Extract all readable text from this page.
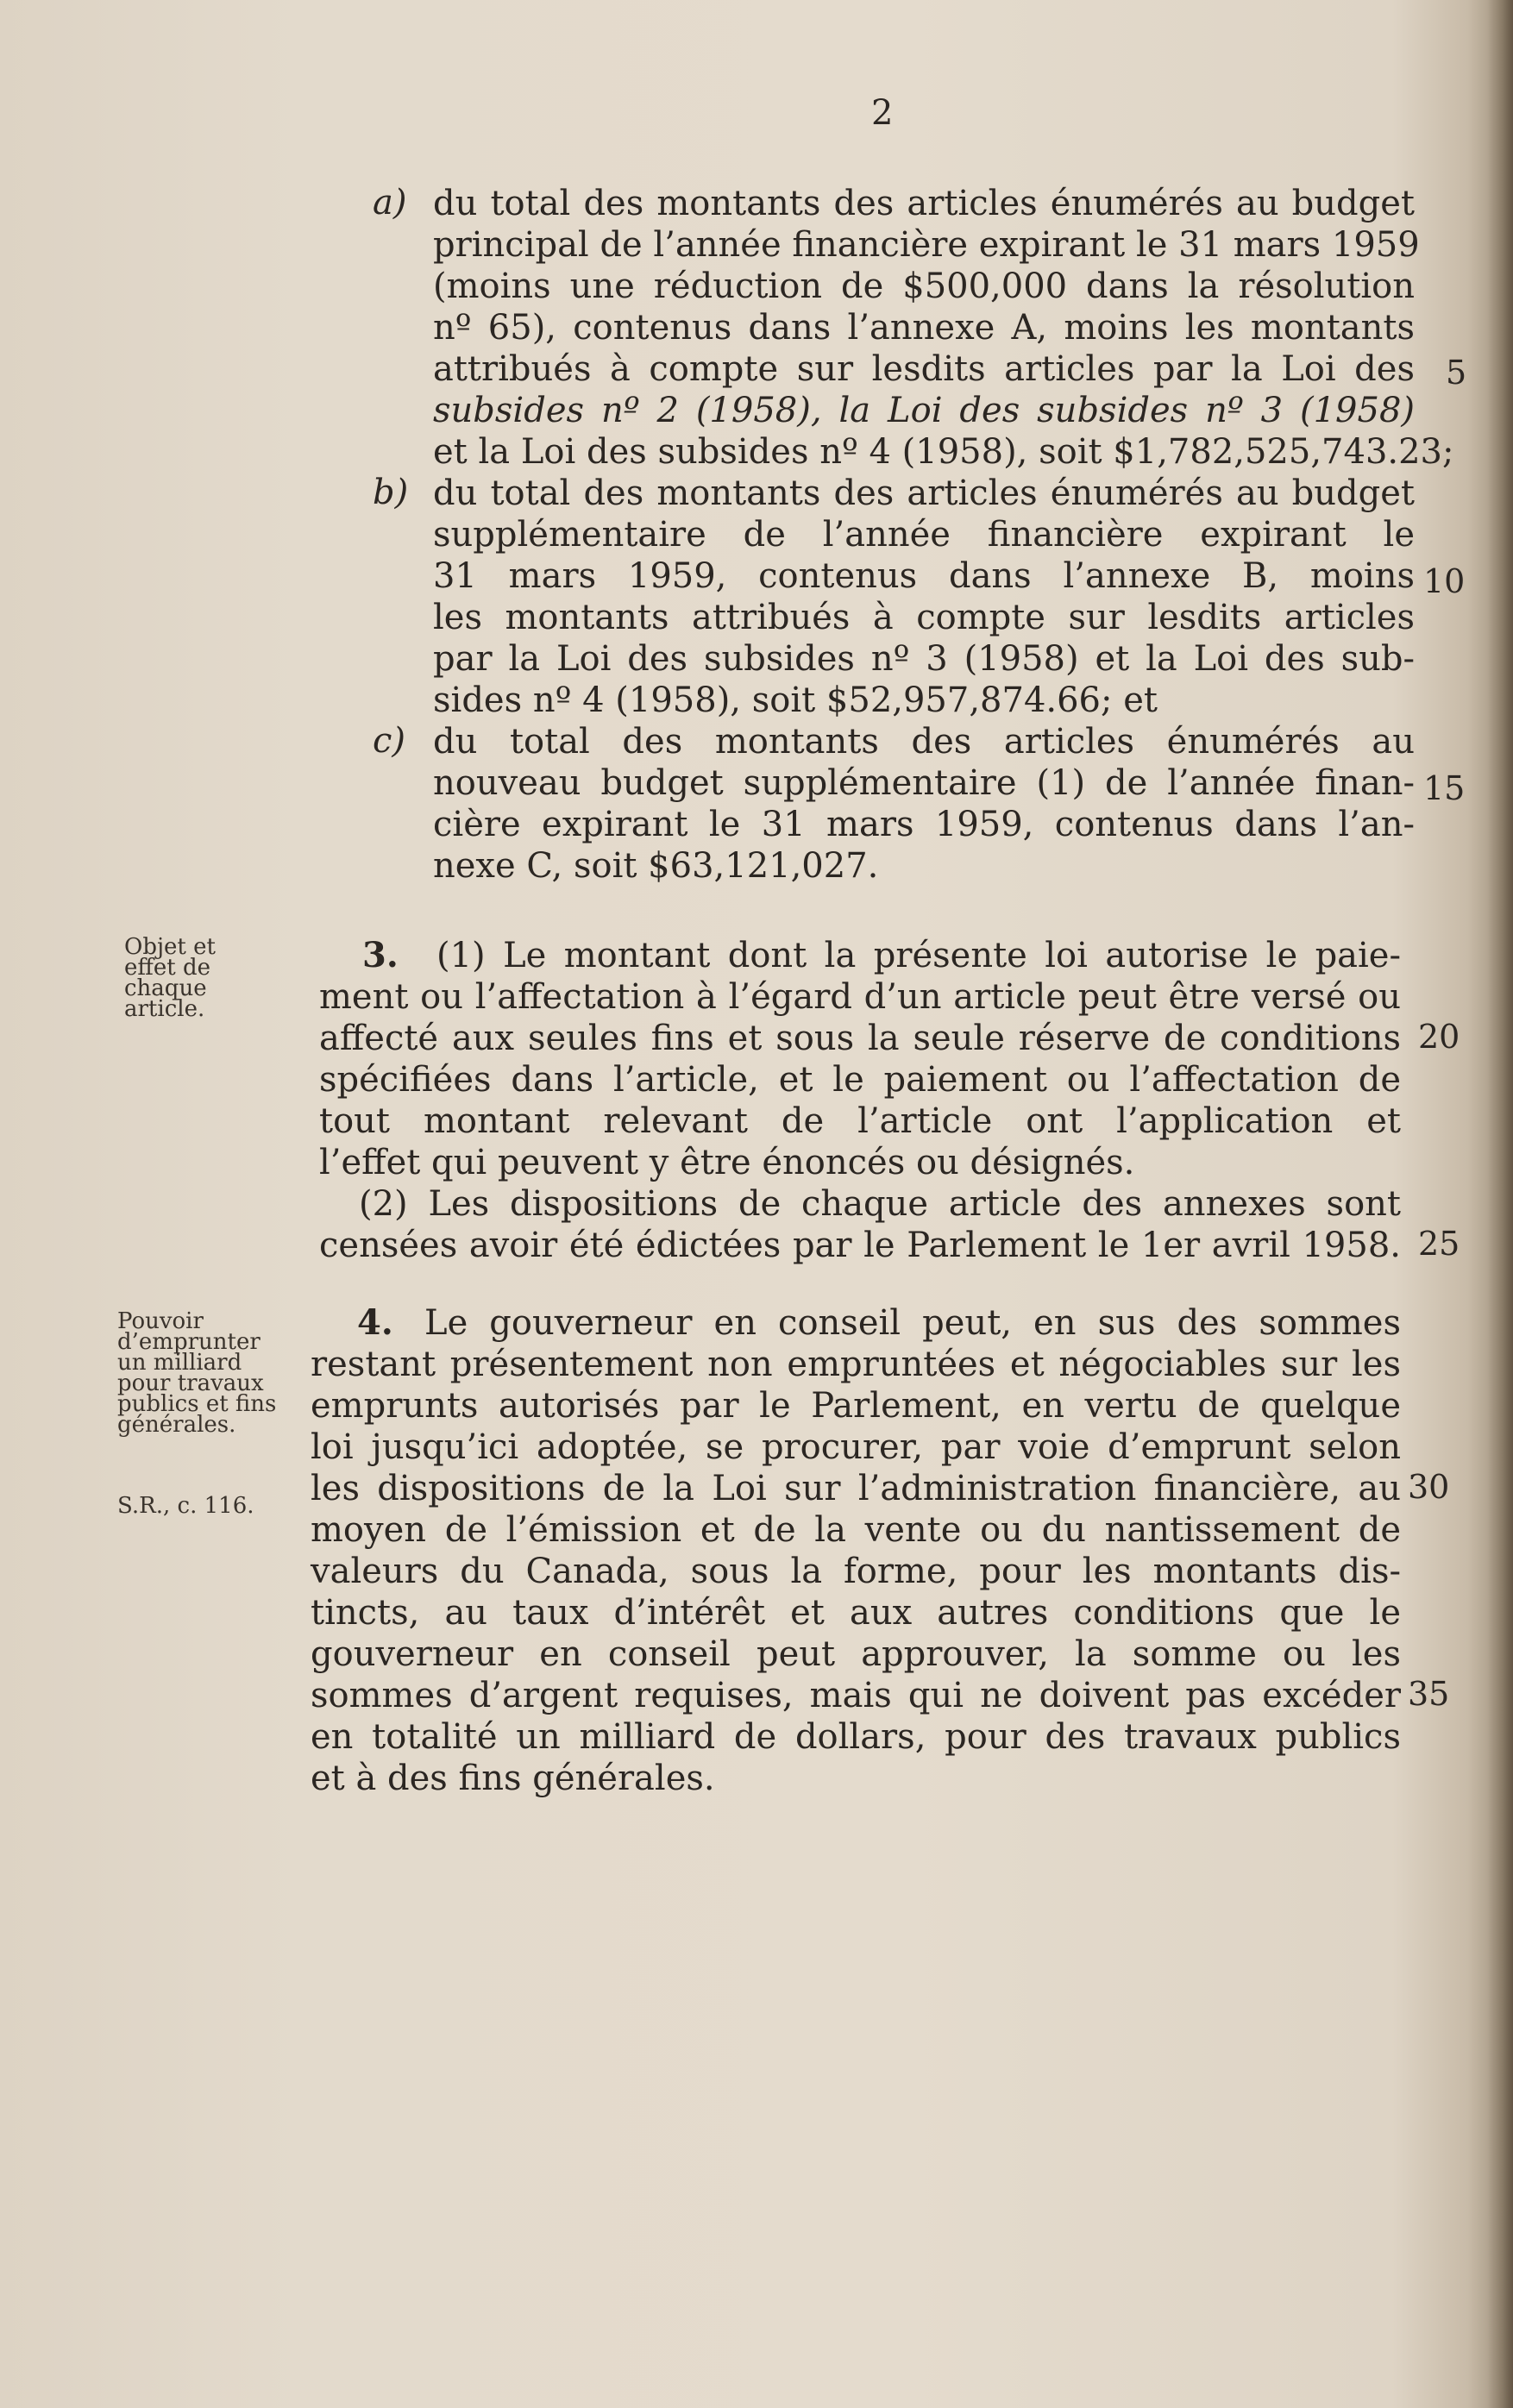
2
a) du total des montants des articles énumérés au budget
principal de l’année financière expirant le 31 mars 1959
(moins une réduction de $500,000 dans la résolution
nº 65), contenus dans l’annexe A, moins les montants
attribués à compte sur lesdits articles par la Loi des
subsides nº 2 (1958), la Loi des subsides nº 3 (1958)
et la Loi des subsides nº 4 (1958), soit $1,782,525,743.23;
b) du total des montants des articles énumérés au budget
supplémentaire de l’année financière expirant le
31 mars 1959, contenus dans l’annexe B, moins
les montants attribués à compte sur lesdits articles
par la Loi des subsides nº 3 (1958) et la Loi des sub-
sides nº 4 (1958), soit $52,957,874.66; et
c) du total des montants des articles énumérés au
nouveau budget supplémentaire (1) de l’année finan-
cière expirant le 31 mars 1959, contenus dans l’an-
nexe C, soit $63,121,027.
Objet et
effet de
chaque
article.
3. (1) Le montant dont la présente loi autorise le paie-
ment ou l’affectation à l’égard d’un article peut être versé ou
affecté aux seules fins et sous la seule réserve de conditions
spécifiées dans l’article, et le paiement ou l’affectation de
tout montant relevant de l’article ont l’application et
l’effet qui peuvent y être énoncés ou désignés.
(2) Les dispositions de chaque article des annexes sont
censées avoir été édictées par le Parlement le 1er avril 1958.
Pouvoir
d’emprunter
un milliard
pour travaux
publics et fins
générales.
S.R., c. 116.
4. Le gouverneur en conseil peut, en sus des sommes
restant présentement non empruntées et négociables sur les
emprunts autorisés par le Parlement, en vertu de quelque
loi jusqu’ici adoptée, se procurer, par voie d’emprunt selon
les dispositions de la Loi sur l’administration financière, au
moyen de l’émission et de la vente ou du nantissement de
valeurs du Canada, sous la forme, pour les montants dis-
tincts, au taux d’intérêt et aux autres conditions que le
gouverneur en conseil peut approuver, la somme ou les
sommes d’argent requises, mais qui ne doivent pas excéder
en totalité un milliard de dollars, pour des travaux publics
et à des fins générales.
5
10
15
20
25
30
35
